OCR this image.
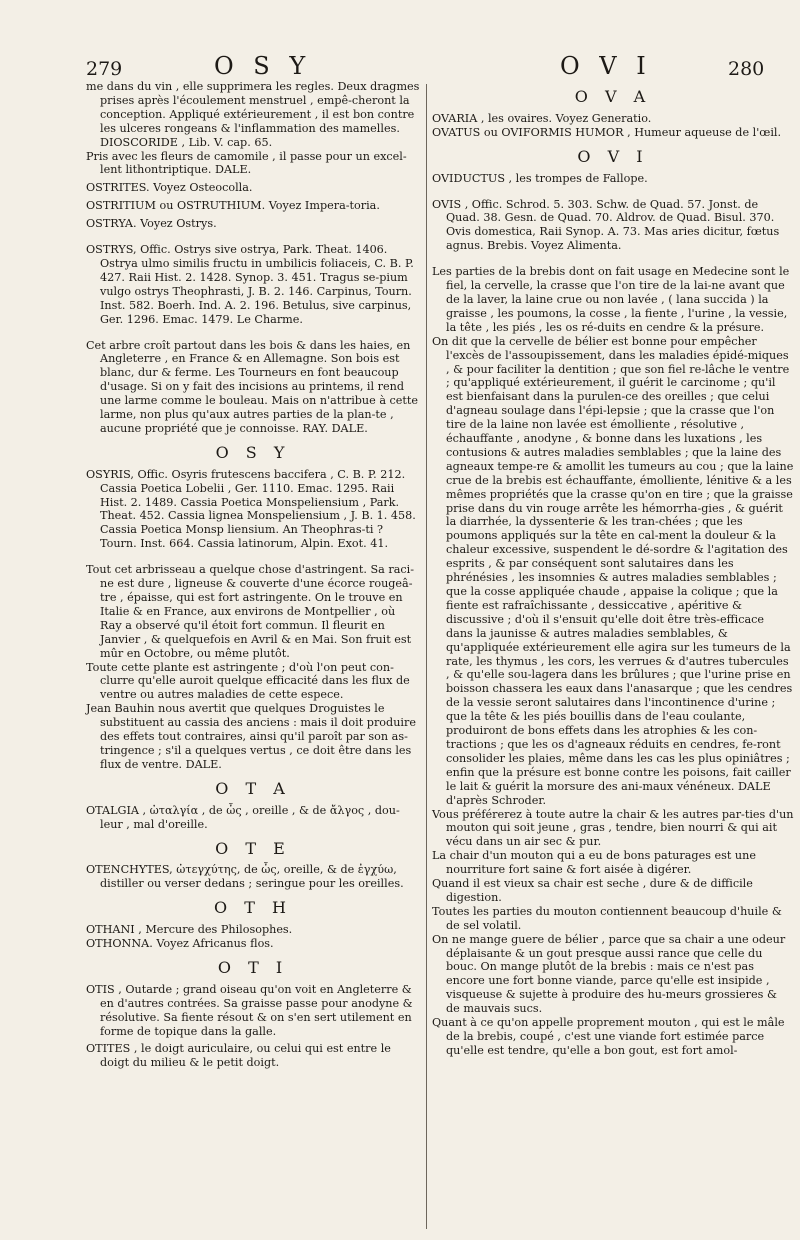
279	O S Y	O V I	280

me dans du vin , elle supprimera les regles. Deux dragmes prises après l'écoulement menstruel , empê-cheront la conception. Appliqué extérieurement , il est bon contre les ulceres rongeans & l'inflammation des mamelles. DIOSCORIDE , Lib. V. cap. 65.

Pris avec les fleurs de camomile , il passe pour un excel-lent lithontriptique. DALE.

OSTRITES. Voyez Osteocolla.

OSTRITIUM ou OSTRUTHIUM. Voyez Impera-toria.

OSTRYA. Voyez Ostrys.

OSTRYS, Offic. Ostrys sive ostrya, Park. Theat. 1406. Ostrya ulmo similis fructu in umbilicis foliaceis, C. B. P. 427. Raii Hist. 2. 1428. Synop. 3. 451. Tragus se-pium vulgo ostrys Theophrasti, J. B. 2. 146. Carpinus, Tourn. Inst. 582. Boerh. Ind. A. 2. 196. Betulus, sive carpinus, Ger. 1296. Emac. 1479. Le Charme.

Cet arbre croît partout dans les bois & dans les haies, en Angleterre , en France & en Allemagne. Son bois est blanc, dur & ferme. Les Tourneurs en font beaucoup d'usage. Si on y fait des incisions au printems, il rend une larme comme le bouleau. Mais on n'attribue à cette larme, non plus qu'aux autres parties de la plan-te , aucune propriété que je connoisse. RAY. DALE.

O S Y

OSYRIS, Offic. Osyris frutescens baccifera , C. B. P. 212. Cassia Poetica Lobelii , Ger. 1110. Emac. 1295. Raii Hist. 2. 1489. Cassia Poetica Monspeliensium , Park. Theat. 452. Cassia lignea Monspeliensium , J. B. 1. 458. Cassia Poetica Monsp liensium. An Theophras-ti ? Tourn. Inst. 664. Cassia latinorum, Alpin. Exot. 41.

Tout cet arbrisseau a quelque chose d'astringent. Sa raci-ne est dure , ligneuse & couverte d'une écorce rougeâ-tre , épaisse, qui est fort astringente. On le trouve en Italie & en France, aux environs de Montpellier , où Ray a observé qu'il étoit fort commun. Il fleurit en Janvier , & quelquefois en Avril & en Mai. Son fruit est mûr en Octobre, ou même plutôt.

Toute cette plante est astringente ; d'où l'on peut con-clurre qu'elle auroit quelque efficacité dans les flux de ventre ou autres maladies de cette espece.

Jean Bauhin nous avertit que quelques Droguistes le substituent au cassia des anciens : mais il doit produire des effets tout contraires, ainsi qu'il paroît par son as-tringence ; s'il a quelques vertus , ce doit être dans les flux de ventre. DALE.

O T A

OTALGIA , ὠταλγία , de ὦς , oreille , & de ἄλγος , dou-leur , mal d'oreille.

O T E

OTENCHYTES, ὠτεγχύτης, de ὦς, oreille, & de ἐγχύω, distiller ou verser dedans ; seringue pour les oreilles.

O T H

OTHANI , Mercure des Philosophes.

OTHONNA. Voyez Africanus flos.

O T I

OTIS , Outarde ; grand oiseau qu'on voit en Angleterre & en d'autres contrées. Sa graisse passe pour anodyne & résolutive. Sa fiente résout & on s'en sert utilement en forme de topique dans la galle.

OTITES , le doigt auriculaire, ou celui qui est entre le doigt du milieu & le petit doigt.

O V A

OVARIA , les ovaires. Voyez Generatio.

OVATUS ou OVIFORMIS HUMOR , Humeur aqueuse de l'œil.

O V I

OVIDUCTUS , les trompes de Fallope.

OVIS , Offic. Schrod. 5. 303. Schw. de Quad. 57. Jonst. de Quad. 38. Gesn. de Quad. 70. Aldrov. de Quad. Bisul. 370. Ovis domestica, Raii Synop. A. 73. Mas aries dicitur, fœtus agnus. Brebis. Voyez Alimenta.

Les parties de la brebis dont on fait usage en Medecine sont le fiel, la cervelle, la crasse que l'on tire de la lai-ne avant que de la laver, la laine crue ou non lavée , ( lana succida ) la graisse , les poumons, la cosse , la fiente , l'urine , la vessie, la tête , les piés , les os ré-duits en cendre & la présure.

On dit que la cervelle de bélier est bonne pour empêcher l'excès de l'assoupissement, dans les maladies épidé-miques , & pour faciliter la dentition ; que son fiel re-lâche le ventre ; qu'appliqué extérieurement, il guérit le carcinome ; qu'il est bienfaisant dans la purulen-ce des oreilles ; que celui d'agneau soulage dans l'épi-lepsie ; que la crasse que l'on tire de la laine non lavée est émolliente , résolutive , échauffante , anodyne , & bonne dans les luxations , les contusions & autres maladies semblables ; que la laine des agneaux tempe-re & amollit les tumeurs au cou ; que la laine crue de la brebis est échauffante, émolliente, lénitive & a les mêmes propriétés que la crasse qu'on en tire ; que la graisse prise dans du vin rouge arrête les hémorrha-gies , & guérit la diarrhée, la dyssenterie & les tran-chées ; que les poumons appliqués sur la tête en cal-ment la douleur & la chaleur excessive, suspendent le dé-sordre & l'agitation des esprits , & par conséquent sont salutaires dans les phrénésies , les insomnies & autres maladies semblables ; que la cosse appliquée chaude , appaise la colique ; que la fiente est rafraîchissante , dessiccative , apéritive & discussive ; d'où il s'ensuit qu'elle doit être très-efficace dans la jaunisse & autres maladies semblables, & qu'appliquée extérieurement elle agira sur les tumeurs de la rate, les thymus , les cors, les verrues & d'autres tubercules , & qu'elle sou-lagera dans les brûlures ; que l'urine prise en boisson chassera les eaux dans l'anasarque ; que les cendres de la vessie seront salutaires dans l'incontinence d'urine ; que la tête & les piés bouillis dans de l'eau coulante, produiront de bons effets dans les atrophies & les con-tractions ; que les os d'agneaux réduits en cendres, fe-ront consolider les plaies, même dans les cas les plus opiniâtres ; enfin que la présure est bonne contre les poisons, fait cailler le lait & guérit la morsure des ani-maux vénéneux. DALE d'après Schroder.

Vous préférerez à toute autre la chair & les autres par-ties d'un mouton qui soit jeune , gras , tendre, bien nourri & qui ait vécu dans un air sec & pur.

La chair d'un mouton qui a eu de bons paturages est une nourriture fort saine & fort aisée à digérer.

Quand il est vieux sa chair est seche , dure & de difficile digestion.

Toutes les parties du mouton contiennent beaucoup d'huile & de sel volatil.

On ne mange guere de bélier , parce que sa chair a une odeur déplaisante & un gout presque aussi rance que celle du bouc. On mange plutôt de la brebis : mais ce n'est pas encore une fort bonne viande, parce qu'elle est insipide , visqueuse & sujette à produire des hu-meurs grossieres & de mauvais sucs.

Quant à ce qu'on appelle proprement mouton , qui est le mâle de la brebis, coupé , c'est une viande fort estimée parce qu'elle est tendre, qu'elle a bon gout, est fort amol-
